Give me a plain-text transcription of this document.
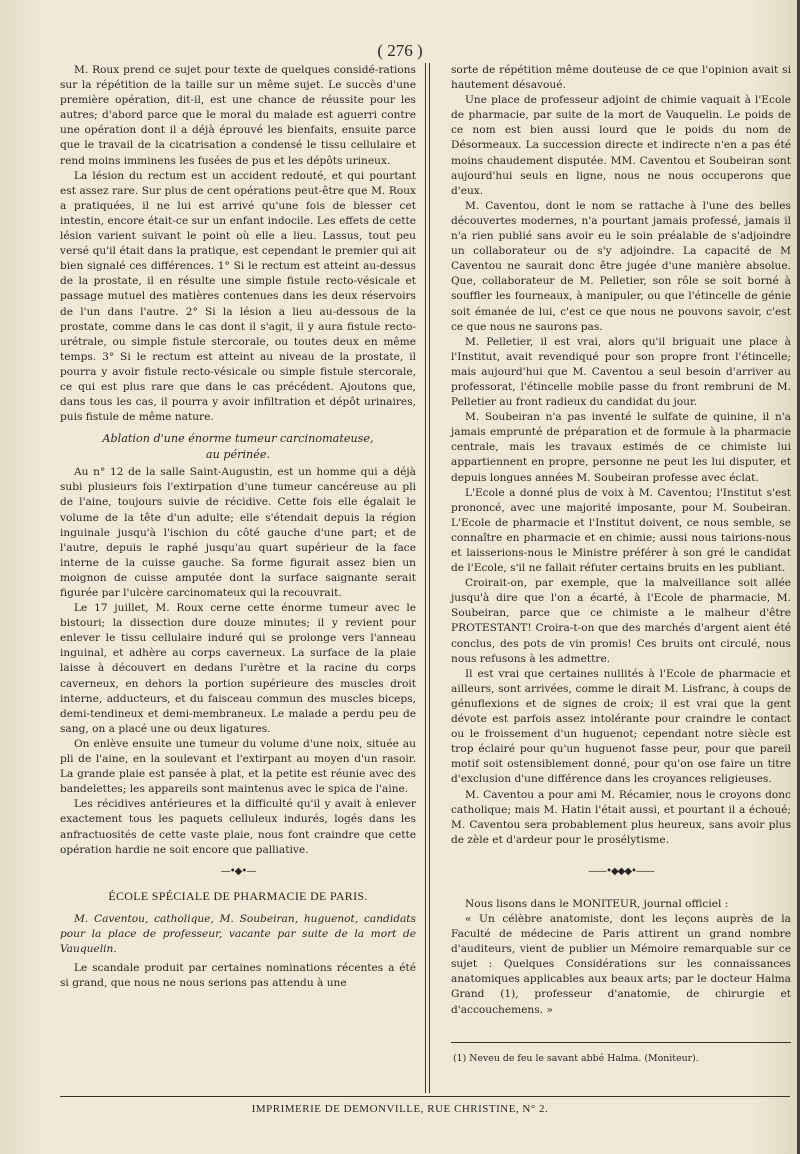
( 276 )

M. Roux prend ce sujet pour texte de quelques considé-rations sur la répétition de la taille sur un même sujet. Le succès d'une première opération, dit-il, est une chance de réussite pour les autres; d'abord parce que le moral du malade est aguerri contre une opération dont il a déjà éprouvé les bienfaits, ensuite parce que le travail de la cicatrisation a condensé le tissu cellulaire et rend moins imminens les fusées de pus et les dépôts urineux.

La lésion du rectum est un accident redouté, et qui pourtant est assez rare. Sur plus de cent opérations peut-être que M. Roux a pratiquées, il ne lui est arrivé qu'une fois de blesser cet intestin, encore était-ce sur un enfant indocile. Les effets de cette lésion varient suivant le point où elle a lieu. Lassus, tout peu versé qu'il était dans la pratique, est cependant le premier qui ait bien signalé ces différences. 1° Si le rectum est atteint au-dessus de la prostate, il en résulte une simple fistule recto-vésicale et passage mutuel des matières contenues dans les deux réservoirs de l'un dans l'autre. 2° Si la lésion a lieu au-dessous de la prostate, comme dans le cas dont il s'agit, il y aura fistule recto-urétrale, ou simple fistule stercorale, ou toutes deux en même temps. 3° Si le rectum est atteint au niveau de la prostate, il pourra y avoir fistule recto-vésicale ou simple fistule stercorale, ce qui est plus rare que dans le cas précédent. Ajoutons que, dans tous les cas, il pourra y avoir infiltration et dépôt urinaires, puis fistule de même nature.

Ablation d'une énorme tumeur carcinomateuse,
au périnée.

Au n° 12 de la salle Saint-Augustin, est un homme qui a déjà subi plusieurs fois l'extirpation d'une tumeur cancéreuse au pli de l'aine, toujours suivie de récidive. Cette fois elle égalait le volume de la tête d'un adulte; elle s'étendait depuis la région inguinale jusqu'à l'ischion du côté gauche d'une part; et de l'autre, depuis le raphé jusqu'au quart supérieur de la face interne de la cuisse gauche. Sa forme figurait assez bien un moignon de cuisse amputée dont la surface saignante serait figurée par l'ulcère carcinomateux qui la recouvrait.

Le 17 juillet, M. Roux cerne cette énorme tumeur avec le bistouri; la dissection dure douze minutes; il y revient pour enlever le tissu cellulaire induré qui se prolonge vers l'anneau inguinal, et adhère au corps caverneux. La surface de la plaie laisse à découvert en dedans l'urètre et la racine du corps caverneux, en dehors la portion supérieure des muscles droit interne, adducteurs, et du faisceau commun des muscles biceps, demi-tendineux et demi-membraneux. Le malade a perdu peu de sang, on a placé une ou deux ligatures.

On enlève ensuite une tumeur du volume d'une noix, située au pli de l'aine, en la soulevant et l'extirpant au moyen d'un rasoir. La grande plaie est pansée à plat, et la petite est réunie avec des bandelettes; les appareils sont maintenus avec le spica de l'aine.

Les récidives antérieures et la difficulté qu'il y avait à enlever exactement tous les paquets celluleux indurés, logés dans les anfractuosités de cette vaste plaie, nous font craindre que cette opération hardie ne soit encore que palliative.

—•◆•—

ÉCOLE SPÉCIALE DE PHARMACIE DE PARIS.

M. Caventou, catholique, M. Soubeiran, huguenot, candidats pour la place de professeur, vacante par suite de la mort de Vauquelin.

Le scandale produit par certaines nominations récentes a été si grand, que nous ne nous serions pas attendu à une

sorte de répétition même douteuse de ce que l'opinion avait si hautement désavoué.

Une place de professeur adjoint de chimie vaquait à l'Ecole de pharmacie, par suite de la mort de Vauquelin. Le poids de ce nom est bien aussi lourd que le poids du nom de Désormeaux. La succession directe et indirecte n'en a pas été moins chaudement disputée. MM. Caventou et Soubeiran sont aujourd'hui seuls en ligne, nous ne nous occuperons que d'eux.

M. Caventou, dont le nom se rattache à l'une des belles découvertes modernes, n'a pourtant jamais professé, jamais il n'a rien publié sans avoir eu le soin préalable de s'adjoindre un collaborateur ou de s'y adjoindre. La capacité de M Caventou ne saurait donc être jugée d'une manière absolue. Que, collaborateur de M. Pelletier, son rôle se soit borné à souffler les fourneaux, à manipuler, ou que l'étincelle de génie soit émanée de lui, c'est ce que nous ne pouvons savoir, c'est ce que nous ne saurons pas.

M. Pelletier, il est vrai, alors qu'il briguait une place à l'Institut, avait revendiqué pour son propre front l'étincelle; mais aujourd'hui que M. Caventou a seul besoin d'arriver au professorat, l'étincelle mobile passe du front rembruni de M. Pelletier au front radieux du candidat du jour.

M. Soubeiran n'a pas inventé le sulfate de quinine, il n'a jamais emprunté de préparation et de formule à la pharmacie centrale, mais les travaux estimés de ce chimiste lui appartiennent en propre, personne ne peut les lui disputer, et depuis longues années M. Soubeiran professe avec éclat.

L'Ecole a donné plus de voix à M. Caventou; l'Institut s'est prononcé, avec une majorité imposante, pour M. Soubeiran. L'Ecole de pharmacie et l'Institut doivent, ce nous semble, se connaître en pharmacie et en chimie; aussi nous tairions-nous et laisserions-nous le Ministre préférer à son gré le candidat de l'Ecole, s'il ne fallait réfuter certains bruits en les publiant.

Croirait-on, par exemple, que la malveillance soit allée jusqu'à dire que l'on a écarté, à l'Ecole de pharmacie, M. Soubeiran, parce que ce chimiste a le malheur d'être PROTESTANT! Croira-t-on que des marchés d'argent aient été conclus, des pots de vin promis! Ces bruits ont circulé, nous nous refusons à les admettre.

Il est vrai que certaines nullités à l'Ecole de pharmacie et ailleurs, sont arrivées, comme le dirait M. Lisfranc, à coups de génuflexions et de signes de croix; il est vrai que la gent dévote est parfois assez intolérante pour craindre le contact ou le froissement d'un huguenot; cependant notre siècle est trop éclairé pour qu'un huguenot fasse peur, pour que pareil motif soit ostensiblement donné, pour qu'on ose faire un titre d'exclusion d'une différence dans les croyances religieuses.

M. Caventou a pour ami M. Récamier, nous le croyons donc catholique; mais M. Hatin l'était aussi, et pourtant il a échoué; M. Caventou sera probablement plus heureux, sans avoir plus de zèle et d'ardeur pour le prosélytisme.

——•◆◆◆•——

Nous lisons dans le MONITEUR, journal officiel :

« Un célèbre anatomiste, dont les leçons auprès de la Faculté de médecine de Paris attirent un grand nombre d'auditeurs, vient de publier un Mémoire remarquable sur ce sujet : Quelques Considérations sur les connaissances anatomiques applicables aux beaux arts; par le docteur Halma Grand (1), professeur d'anatomie, de chirurgie et d'accouchemens. »

(1) Neveu de feu le savant abbé Halma. (Moniteur).

IMPRIMERIE DE DEMONVILLE, RUE CHRISTINE, N° 2.
